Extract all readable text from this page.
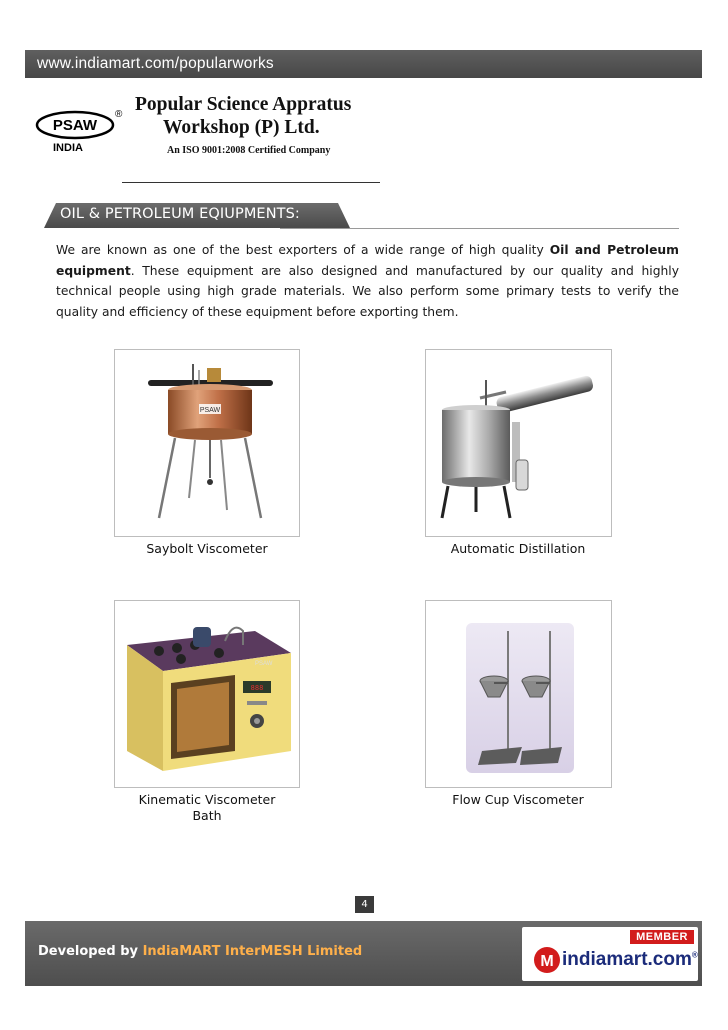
www.indiamart.com/popularworks
PSAW
®
INDIA
Popular Science Appratus
Workshop (P) Ltd.
An ISO 9001:2008 Certified Company
OIL & PETROLEUM EQIUPMENTS:

We are known as one of the best exporters of a wide range of high quality Oil and Petroleum equipment. These equipment are also designed and manufactured by our quality and highly technical people using high grade materials. We also perform some primary tests to verify the quality and efficiency of these equipment before exporting them.

PSAW
Saybolt Viscometer	Automatic Distillation
888
PSAW
Kinematic Viscometer
Bath
Flow Cup Viscometer
4
Developed by IndiaMART InterMESH Limited
MEMBER
M indiamart.com®
